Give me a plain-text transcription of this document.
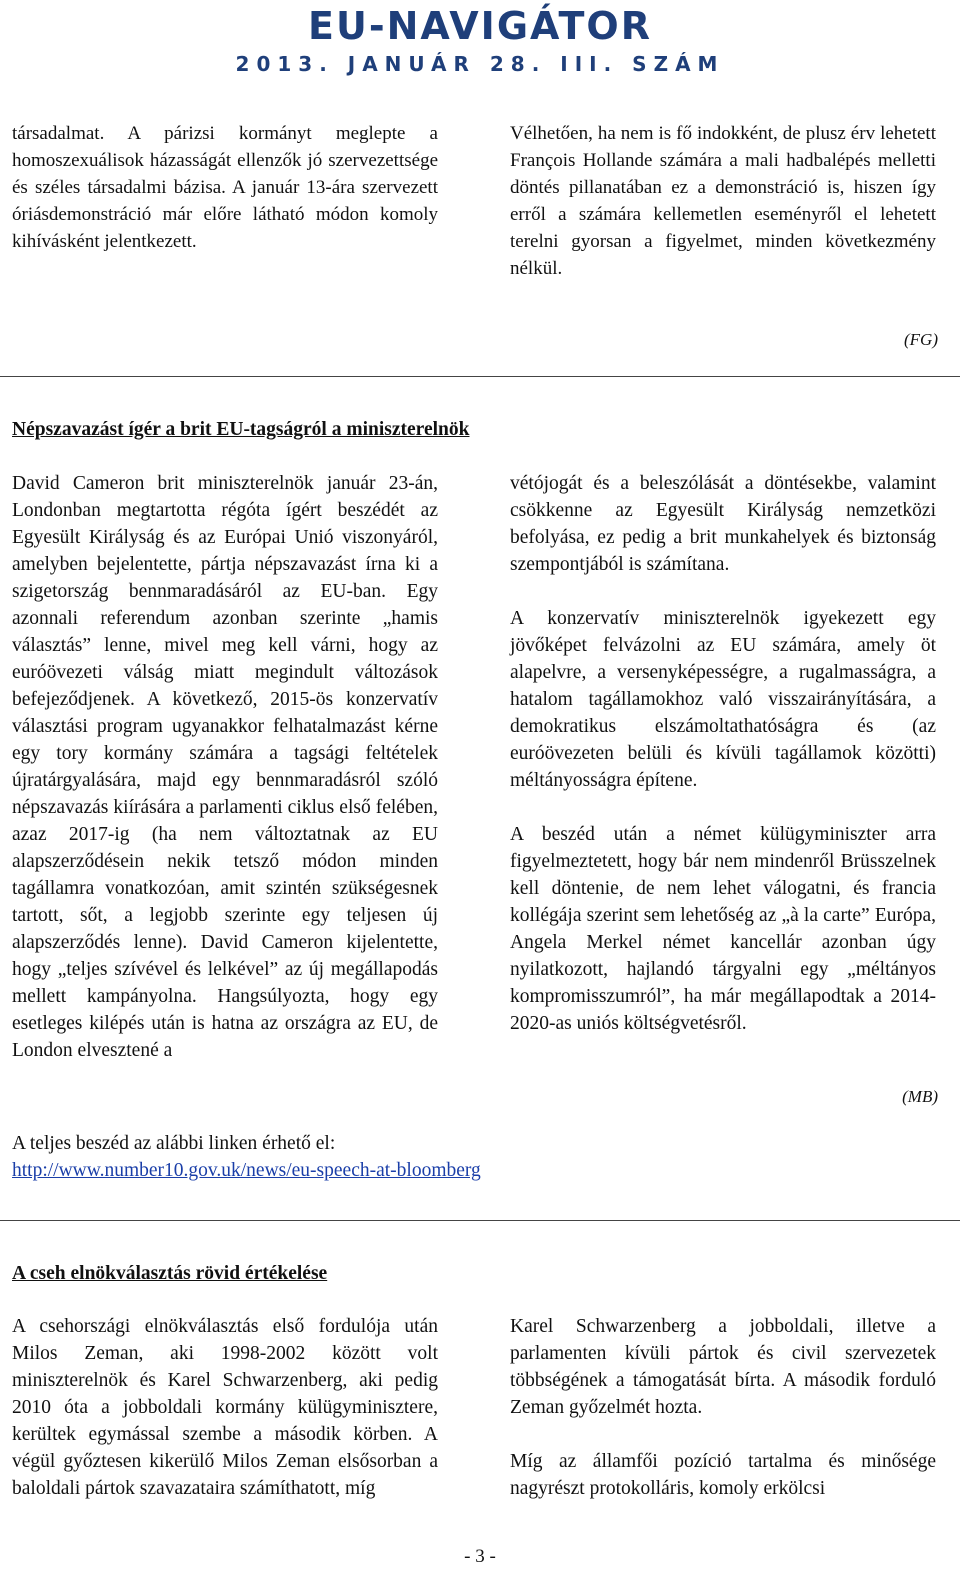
EU-NAVIGÁTOR
2013. JANUÁR 28. III. SZÁM

társadalmat. A párizsi kormányt meglepte a homoszexuálisok házasságát ellenzők jó szervezettsége és széles társadalmi bázisa. A január 13-ára szervezett óriásdemonstráció már előre látható módon komoly kihívásként jelentkezett.

Vélhetően, ha nem is fő indokként, de plusz érv lehetett François Hollande számára a mali hadbalépés melletti döntés pillanatában ez a demonstráció is, hiszen így erről a számára kellemetlen eseményről el lehetett terelni gyorsan a figyelmet, minden következmény nélkül.

(FG)
Népszavazást ígér a brit EU-tagságról a miniszterelnök

David Cameron brit miniszterelnök január 23-án, Londonban megtartotta régóta ígért beszédét az Egyesült Királyság és az Európai Unió viszonyáról, amelyben bejelentette, pártja népszavazást írna ki a szigetország bennmaradásáról az EU-ban. Egy azonnali referendum azonban szerinte „hamis választás” lenne, mivel meg kell várni, hogy az euróövezeti válság miatt megindult változások befejeződjenek. A következő, 2015-ös konzervatív választási program ugyanakkor felhatalmazást kérne egy tory kormány számára a tagsági feltételek újratárgyalására, majd egy bennmaradásról szóló népszavazás kiírására a parlamenti ciklus első felében, azaz 2017-ig (ha nem változtatnak az EU alapszerződésein nekik tetsző módon minden tagállamra vonatkozóan, amit szintén szükségesnek tartott, sőt, a legjobb szerinte egy teljesen új alapszerződés lenne). David Cameron kijelentette, hogy „teljes szívével és lelkével” az új megállapodás mellett kampányolna. Hangsúlyozta, hogy egy esetleges kilépés után is hatna az országra az EU, de London elvesztené a

vétójogát és a beleszólását a döntésekbe, valamint csökkenne az Egyesült Királyság nemzetközi befolyása, ez pedig a brit munkahelyek és biztonság szempontjából is számítana.

A konzervatív miniszterelnök igyekezett egy jövőképet felvázolni az EU számára, amely öt alapelvre, a versenyképességre, a rugalmasságra, a hatalom tagállamokhoz való visszairányítására, a demokratikus elszámoltathatóságra és (az euróövezeten belüli és kívüli tagállamok közötti) méltányosságra építene.

A beszéd után a német külügyminiszter arra figyelmeztetett, hogy bár nem mindenről Brüsszelnek kell döntenie, de nem lehet válogatni, és francia kollégája szerint sem lehetőség az „à la carte” Európa, Angela Merkel német kancellár azonban úgy nyilatkozott, hajlandó tárgyalni egy „méltányos kompromisszumról”, ha már megállapodtak a 2014-2020-as uniós költségvetésről.

(MB)
A teljes beszéd az alábbi linken érhető el:
http://www.number10.gov.uk/news/eu-speech-at-bloomberg
A cseh elnökválasztás rövid értékelése

A csehországi elnökválasztás első fordulója után Milos Zeman, aki 1998-2002 között volt miniszterelnök és Karel Schwarzenberg, aki pedig 2010 óta a jobboldali kormány külügyminisztere, kerültek egymással szembe a második körben. A végül győztesen kikerülő Milos Zeman elsősorban a baloldali pártok szavazataira számíthatott, míg

Karel Schwarzenberg a jobboldali, illetve a parlamenten kívüli pártok és civil szervezetek többségének a támogatását bírta. A második forduló Zeman győzelmét hozta.

Míg az államfői pozíció tartalma és minősége nagyrészt protokolláris, komoly erkölcsi

- 3 -
